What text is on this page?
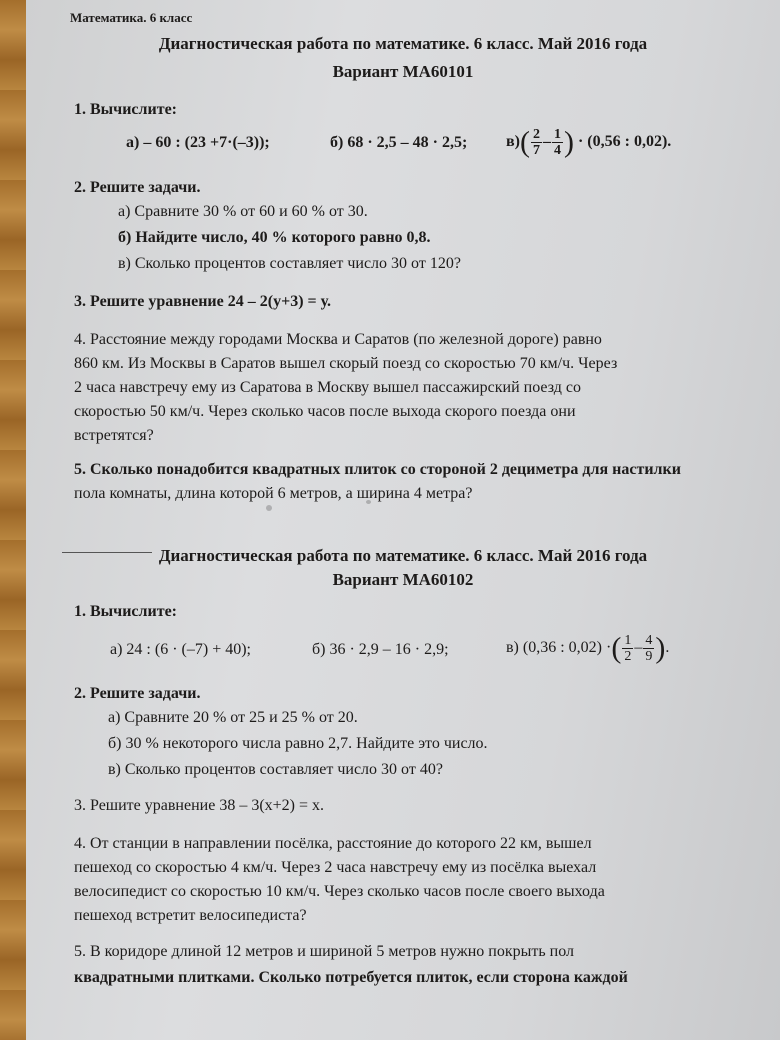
Математика. 6 класс
Диагностическая работа по математике. 6 класс. Май 2016 года
Вариант МА60101
1. Вычислите:
а) – 60 : (23 +7·(–3));	б) 68 · 2,5 – 48 · 2,5; $в)( \frac{2}{7} - \frac{1}{4}$ ) · (0,56 : 0,02).
2. Решите задачи.
а) Сравните 30 % от 60 и 60 % от 30.
б) Найдите число, 40 % которого равно 0,8.
в) Сколько процентов составляет число 30 от 120?
3. Решите уравнение 24 – 2(у+3) = у.
4. Расстояние между городами Москва и Саратов (по железной дороге) равно
860 км. Из Москвы в Саратов вышел скорый поезд со скоростью 70 км/ч. Через
2 часа навстречу ему из Саратова в Москву вышел пассажирский поезд со
скоростью 50 км/ч. Через сколько часов после выхода скорого поезда они
встретятся?
5. Сколько понадобится квадратных плиток со стороной 2 дециметра для настилки
пола комнаты, длина которой 6 метров, а ширина 4 метра?
Диагностическая работа по математике. 6 класс. Май 2016 года
Вариант МА60102
1. Вычислите:
а) 24 : (6 · (–7) + 40);	б) 36 · 2,9 – 16 · 2,9;	в) (0,36 : 0,02) ·( $\frac{1}{2} - \frac{4}{9}$ ).
2. Решите задачи.
а) Сравните 20 % от 25 и 25 % от 20.
б) 30 % некоторого числа равно 2,7. Найдите это число.
в) Сколько процентов составляет число 30 от 40?
3. Решите уравнение 38 – 3(х+2) = х.
4. От станции в направлении посёлка, расстояние до которого 22 км, вышел
пешеход со скоростью 4 км/ч. Через 2 часа навстречу ему из посёлка выехал
велосипедист со скоростью 10 км/ч. Через сколько часов после своего выхода
пешеход встретит велосипедиста?
5. В коридоре длиной 12 метров и шириной 5 метров нужно покрыть пол
квадратными плитками. Сколько потребуется плиток, если сторона каждой
